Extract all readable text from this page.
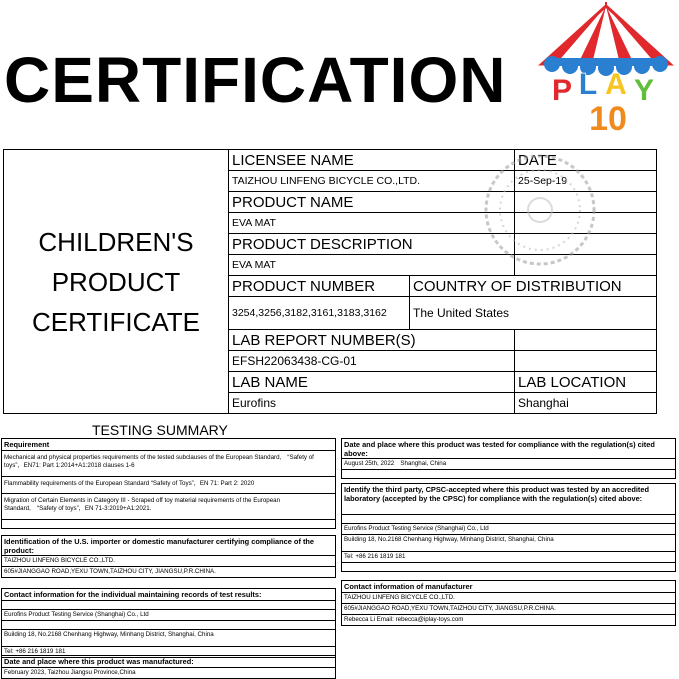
CERTIFICATION	P L A Y
10
CHILDREN'S
PRODUCT
CERTIFICATE	LICENSEE NAME		DATE
	TAIZHOU LINFENG BICYCLE CO.,LTD.		25-Sep-19
	PRODUCT NAME		
	EVA MAT		
	PRODUCT DESCRIPTION		
	EVA MAT		
	PRODUCT NUMBER	COUNTRY OF DISTRIBUTION	
	3254,3256,3182,3161,3183,3162	The United States	
	LAB REPORT NUMBER(S)		
	EFSH22063438-CG-01		
	LAB NAME		LAB LOCATION
	Eurofins		Shanghai
TESTING SUMMARY
Requirement
Mechanical and physical properties requirements of the tested subclauses of the European Standard,　“Safety of toys”，EN71: Part 1:2014+A1:2018 clauses 1-6
Flammability requirements of the European Standard “Safety of Toys”，EN 71: Part 2: 2020
Migration of Certain Elements in Category III - Scraped off toy material requirements of the European Standard,　“Safety of toys”，EN 71-3:2019+A1:2021.
Identification of the U.S. importer or domestic manufacturer certifying compliance of the product:
TAIZHOU LINFENG BICYCLE CO.,LTD.
605#JIANGGAO ROAD,YEXU TOWN,TAIZHOU CITY, JIANGSU,P.R.CHINA.
Contact information for the individual maintaining records of test results:
Eurofins Product Testing Service (Shanghai) Co., Ltd
Building 18, No.2168 Chenhang Highway, Minhang District, Shanghai, China
Tel: +86 216 1819 181
Date and place where this product was manufactured:
February 2023, Taizhou Jiangsu Province,China
Date and place where this product was tested for compliance with the regulation(s) cited above:
August 25th, 2022　Shanghai, China
Identify the third party, CPSC-accepted where this product was tested by an accredited laboratory (accepted by the CPSC) for compliance with the regulation(s) cited above:
Eurofins Product Testing Service (Shanghai) Co., Ltd
Building 18, No.2168 Chenhang Highway, Minhang District, Shanghai, China
Tel: +86 216 1819 181
Contact information of manufacturer
TAIZHOU LINFENG BICYCLE CO.,LTD.
605#JIANGGAO ROAD,YEXU TOWN,TAIZHOU CITY, JIANGSU,P.R.CHINA.
Rebecca Li Email: rebecca@iplay-toys.com
